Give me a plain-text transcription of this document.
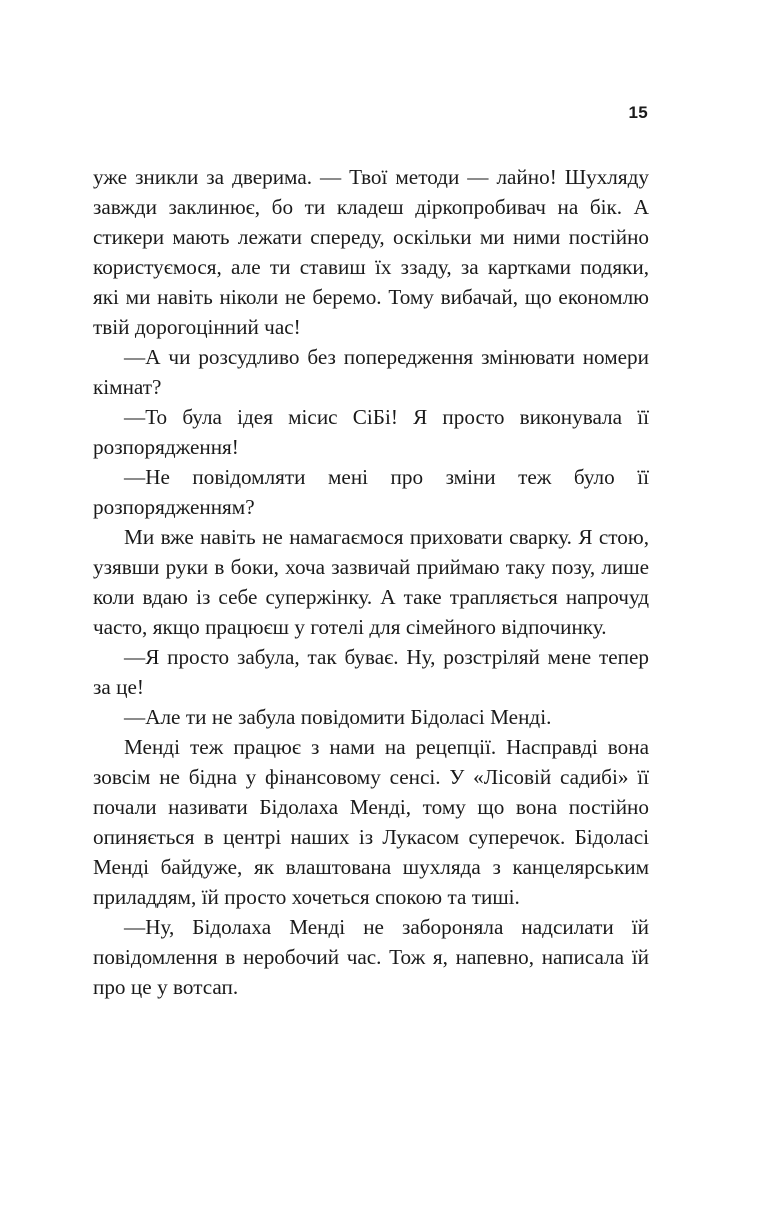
15

уже зникли за дверима. — Твої методи — лайно! Шухляду завжди заклинює, бо ти кладеш діркопробивач на бік. А стикери мають лежати спереду, оскільки ми ними постійно користуємося, але ти ставиш їх ззаду, за картками подяки, які ми навіть ніколи не беремо. Тому вибачай, що економлю твій дорогоцінний час!

—А чи розсудливо без попередження змінювати номери кімнат?

—То була ідея місис СіБі! Я просто виконувала її розпорядження!

—Не повідомляти мені про зміни теж було її розпорядженням?

Ми вже навіть не намагаємося приховати сварку. Я стою, узявши руки в боки, хоча зазвичай приймаю таку позу, лише коли вдаю із себе супержінку. А таке трапляється напрочуд часто, якщо працюєш у готелі для сімейного відпочинку.

—Я просто забула, так буває. Ну, розстріляй мене тепер за це!

—Але ти не забула повідомити Бідоласі Менді.

Менді теж працює з нами на рецепції. Насправді вона зовсім не бідна у фінансовому сенсі. У «Лісовій садибі» її почали називати Бідолаха Менді, тому що вона постійно опиняється в центрі наших із Лукасом суперечок. Бідоласі Менді байдуже, як влаштована шухляда з канцелярським приладдям, їй просто хочеться спокою та тиші.

—Ну, Бідолаха Менді не забороняла надсилати їй повідомлення в неробочий час. Тож я, напевно, написала їй про це у вотсап.
